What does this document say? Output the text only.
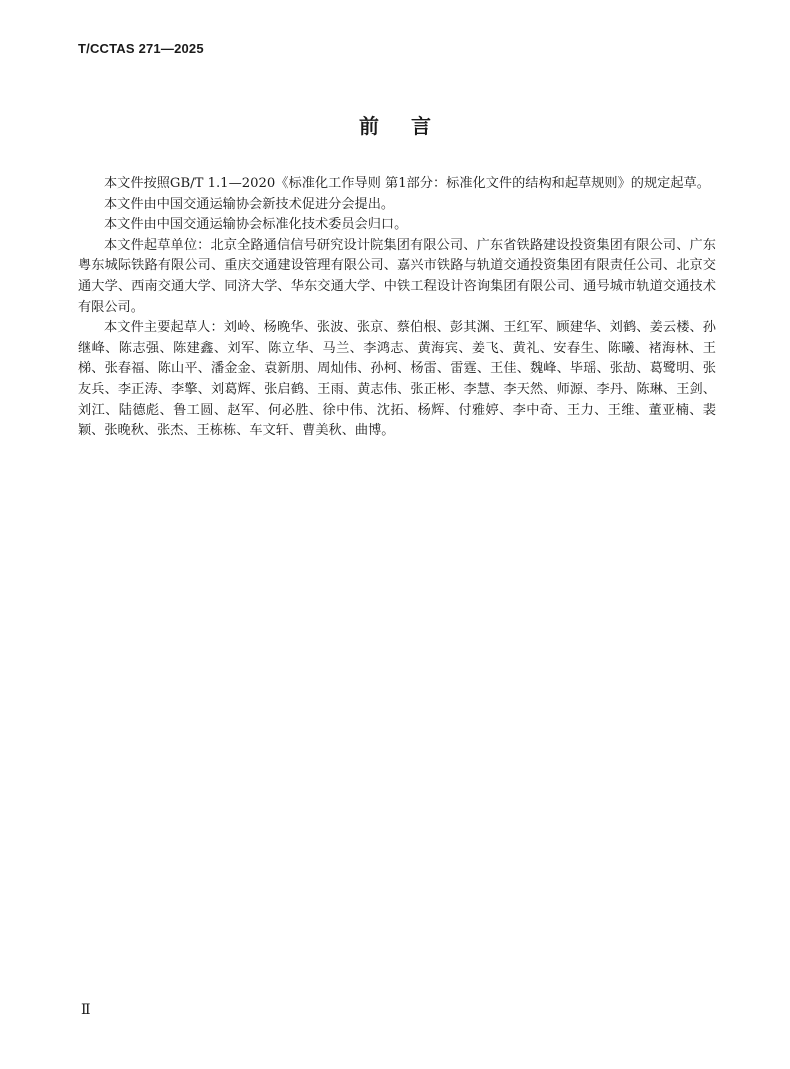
T/CCTAS 271—2025
前言

本文件按照GB/T 1.1—2020《标准化工作导则 第1部分：标准化文件的结构和起草规则》的规定起草。

本文件由中国交通运输协会新技术促进分会提出。

本文件由中国交通运输协会标准化技术委员会归口。

本文件起草单位：北京全路通信信号研究设计院集团有限公司、广东省铁路建设投资集团有限公司、广东粤东城际铁路有限公司、重庆交通建设管理有限公司、嘉兴市铁路与轨道交通投资集团有限责任公司、北京交通大学、西南交通大学、同济大学、华东交通大学、中铁工程设计咨询集团有限公司、通号城市轨道交通技术有限公司。

本文件主要起草人：刘岭、杨晚华、张波、张京、蔡伯根、彭其渊、王红军、顾建华、刘鹤、姜云楼、孙继峰、陈志强、陈建鑫、刘军、陈立华、马兰、李鸿志、黄海宾、姜飞、黄礼、安春生、陈曦、褚海林、王梯、张春福、陈山平、潘金金、袁新朋、周灿伟、孙柯、杨雷、雷霆、王佳、魏峰、毕瑶、张劼、葛鹭明、张友兵、李正涛、李擎、刘葛辉、张启鹤、王雨、黄志伟、张正彬、李慧、李天然、师源、李丹、陈琳、王剑、刘江、陆德彪、鲁工圆、赵军、何必胜、徐中伟、沈拓、杨辉、付雅婷、李中奇、王力、王维、董亚楠、裴颖、张晚秋、张杰、王栋栋、车文轩、曹美秋、曲博。

Ⅱ
